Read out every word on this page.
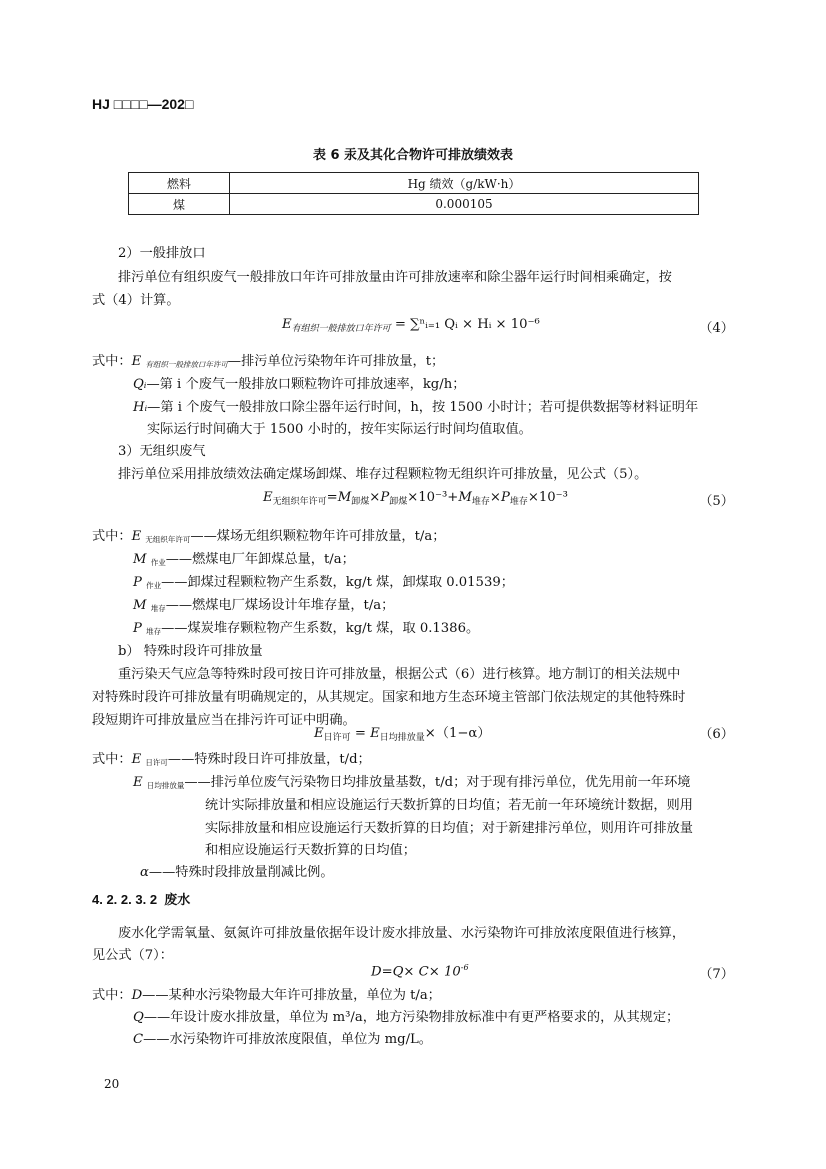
HJ □□□□—202□
表 6 汞及其化合物许可排放绩效表
燃料	Hg 绩效（g/kW·h）
煤	0.000105
2）一般排放口
排污单位有组织废气一般排放口年许可排放量由许可排放速率和除尘器年运行时间相乘确定，按
式（4）计算。
$E_{有组织一般排放口年许可}$ = ∑ⁿᵢ₌₁ Qᵢ × Hᵢ × 10⁻⁶	（4）
式中：E $_{有组织一般排放口年许可}$—排污单位污染物年许可排放量，t；
Qᵢ—第 i 个废气一般排放口颗粒物许可排放速率，kg/h；
Hᵢ—第 i 个废气一般排放口除尘器年运行时间，h，按 1500 小时计；若可提供数据等材料证明年
实际运行时间确大于 1500 小时的，按年实际运行时间均值取值。
3）无组织废气
排污单位采用排放绩效法确定煤场卸煤、堆存过程颗粒物无组织许可排放量，见公式（5）。
$E_{无组织年许可}=M_{卸煤}\times P_{卸煤}\times 10^{-3}+M_{堆存}\times P_{堆存}\times 10^{-3}$	（5）
式中：E $_{无组织年许可}$——煤场无组织颗粒物年许可排放量，t/a；
M $_{作业}$——燃煤电厂年卸煤总量，t/a；
P $_{作业}$——卸煤过程颗粒物产生系数，kg/t 煤，卸煤取 0.01539；
M $_{堆存}$——燃煤电厂煤场设计年堆存量，t/a；
P $_{堆存}$——煤炭堆存颗粒物产生系数，kg/t 煤，取 0.1386。
b） 特殊时段许可排放量
重污染天气应急等特殊时段可按日许可排放量，根据公式（6）进行核算。地方制订的相关法规中
对特殊时段许可排放量有明确规定的，从其规定。国家和地方生态环境主管部门依法规定的其他特殊时
段短期许可排放量应当在排污许可证中明确。
$E_{日许可} = E_{日均排放量}\times(1-\alpha)$	（6）
式中：E $_{日许可}$——特殊时段日许可排放量，t/d；
E $_{日均排放量}$——排污单位废气污染物日均排放量基数，t/d；对于现有排污单位，优先用前一年环境
统计实际排放量和相应设施运行天数折算的日均值；若无前一年环境统计数据，则用
实际排放量和相应设施运行天数折算的日均值；对于新建排污单位，则用许可排放量
和相应设施运行天数折算的日均值；
α——特殊时段排放量削减比例。
4. 2. 2. 3. 2 废水
废水化学需氧量、氨氮许可排放量依据年设计废水排放量、水污染物许可排放浓度限值进行核算，
见公式（7）：
$D=Q\times C\times 10^{-6}$	（7）
式中：D——某种水污染物最大年许可排放量，单位为 t/a；
Q——年设计废水排放量，单位为 m³/a，地方污染物排放标准中有更严格要求的，从其规定；
C——水污染物许可排放浓度限值，单位为 mg/L。
20
